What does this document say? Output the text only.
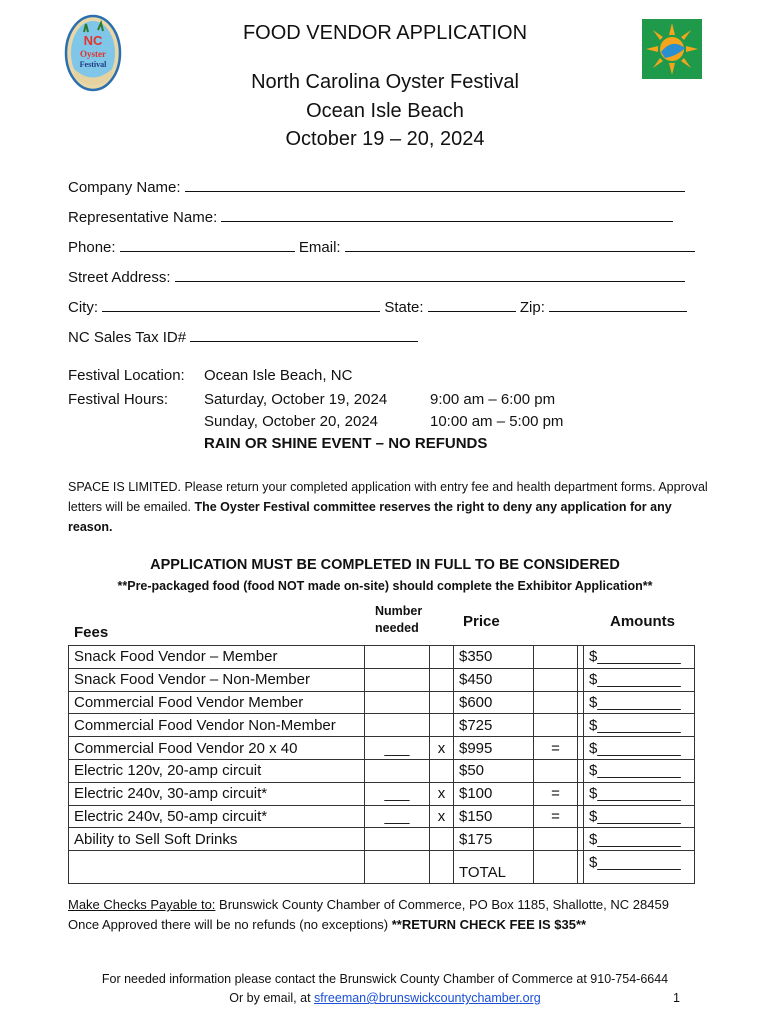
NC
Oyster
Festival
FOOD VENDOR APPLICATION
North Carolina Oyster Festival
Ocean Isle Beach
October 19 – 20, 2024
Company Name:
Representative Name:
Phone:	Email:
Street Address:
City:	State:	Zip:
NC Sales Tax ID#
Festival Location: Ocean Isle Beach, NC
Festival Hours: Saturday, October 19, 2024	9:00 am – 6:00 pm
Sunday, October 20, 2024	10:00 am – 5:00 pm
RAIN OR SHINE EVENT – NO REFUNDS
SPACE IS LIMITED. Please return your completed application with entry fee and health department forms. Approval letters will be emailed. The Oyster Festival committee reserves the right to deny any application for any reason.
APPLICATION MUST BE COMPLETED IN FULL TO BE CONSIDERED
**Pre-packaged food (food NOT made on-site) should complete the Exhibitor Application**
Fees
Number
needed	Price	Amounts
Snack Food Vendor – Member			$350			$__________
Snack Food Vendor – Non-Member			$450			$__________
Commercial Food Vendor Member			$600			$__________
Commercial Food Vendor Non-Member			$725			$__________
Commercial Food Vendor 20 x 40	___	x	$995	=		$__________
Electric 120v, 20-amp circuit			$50			$__________
Electric 240v, 30-amp circuit*	___	x	$100	=		$__________
Electric 240v, 50-amp circuit*	___	x	$150	=		$__________
Ability to Sell Soft Drinks			$175			$__________
			TOTAL			$__________
Make Checks Payable to: Brunswick County Chamber of Commerce, PO Box 1185, Shallotte, NC 28459
Once Approved there will be no refunds (no exceptions) **RETURN CHECK FEE IS $35**
For needed information please contact the Brunswick County Chamber of Commerce at 910-754-6644
Or by email, at sfreeman@brunswickcountychamber.org	1
